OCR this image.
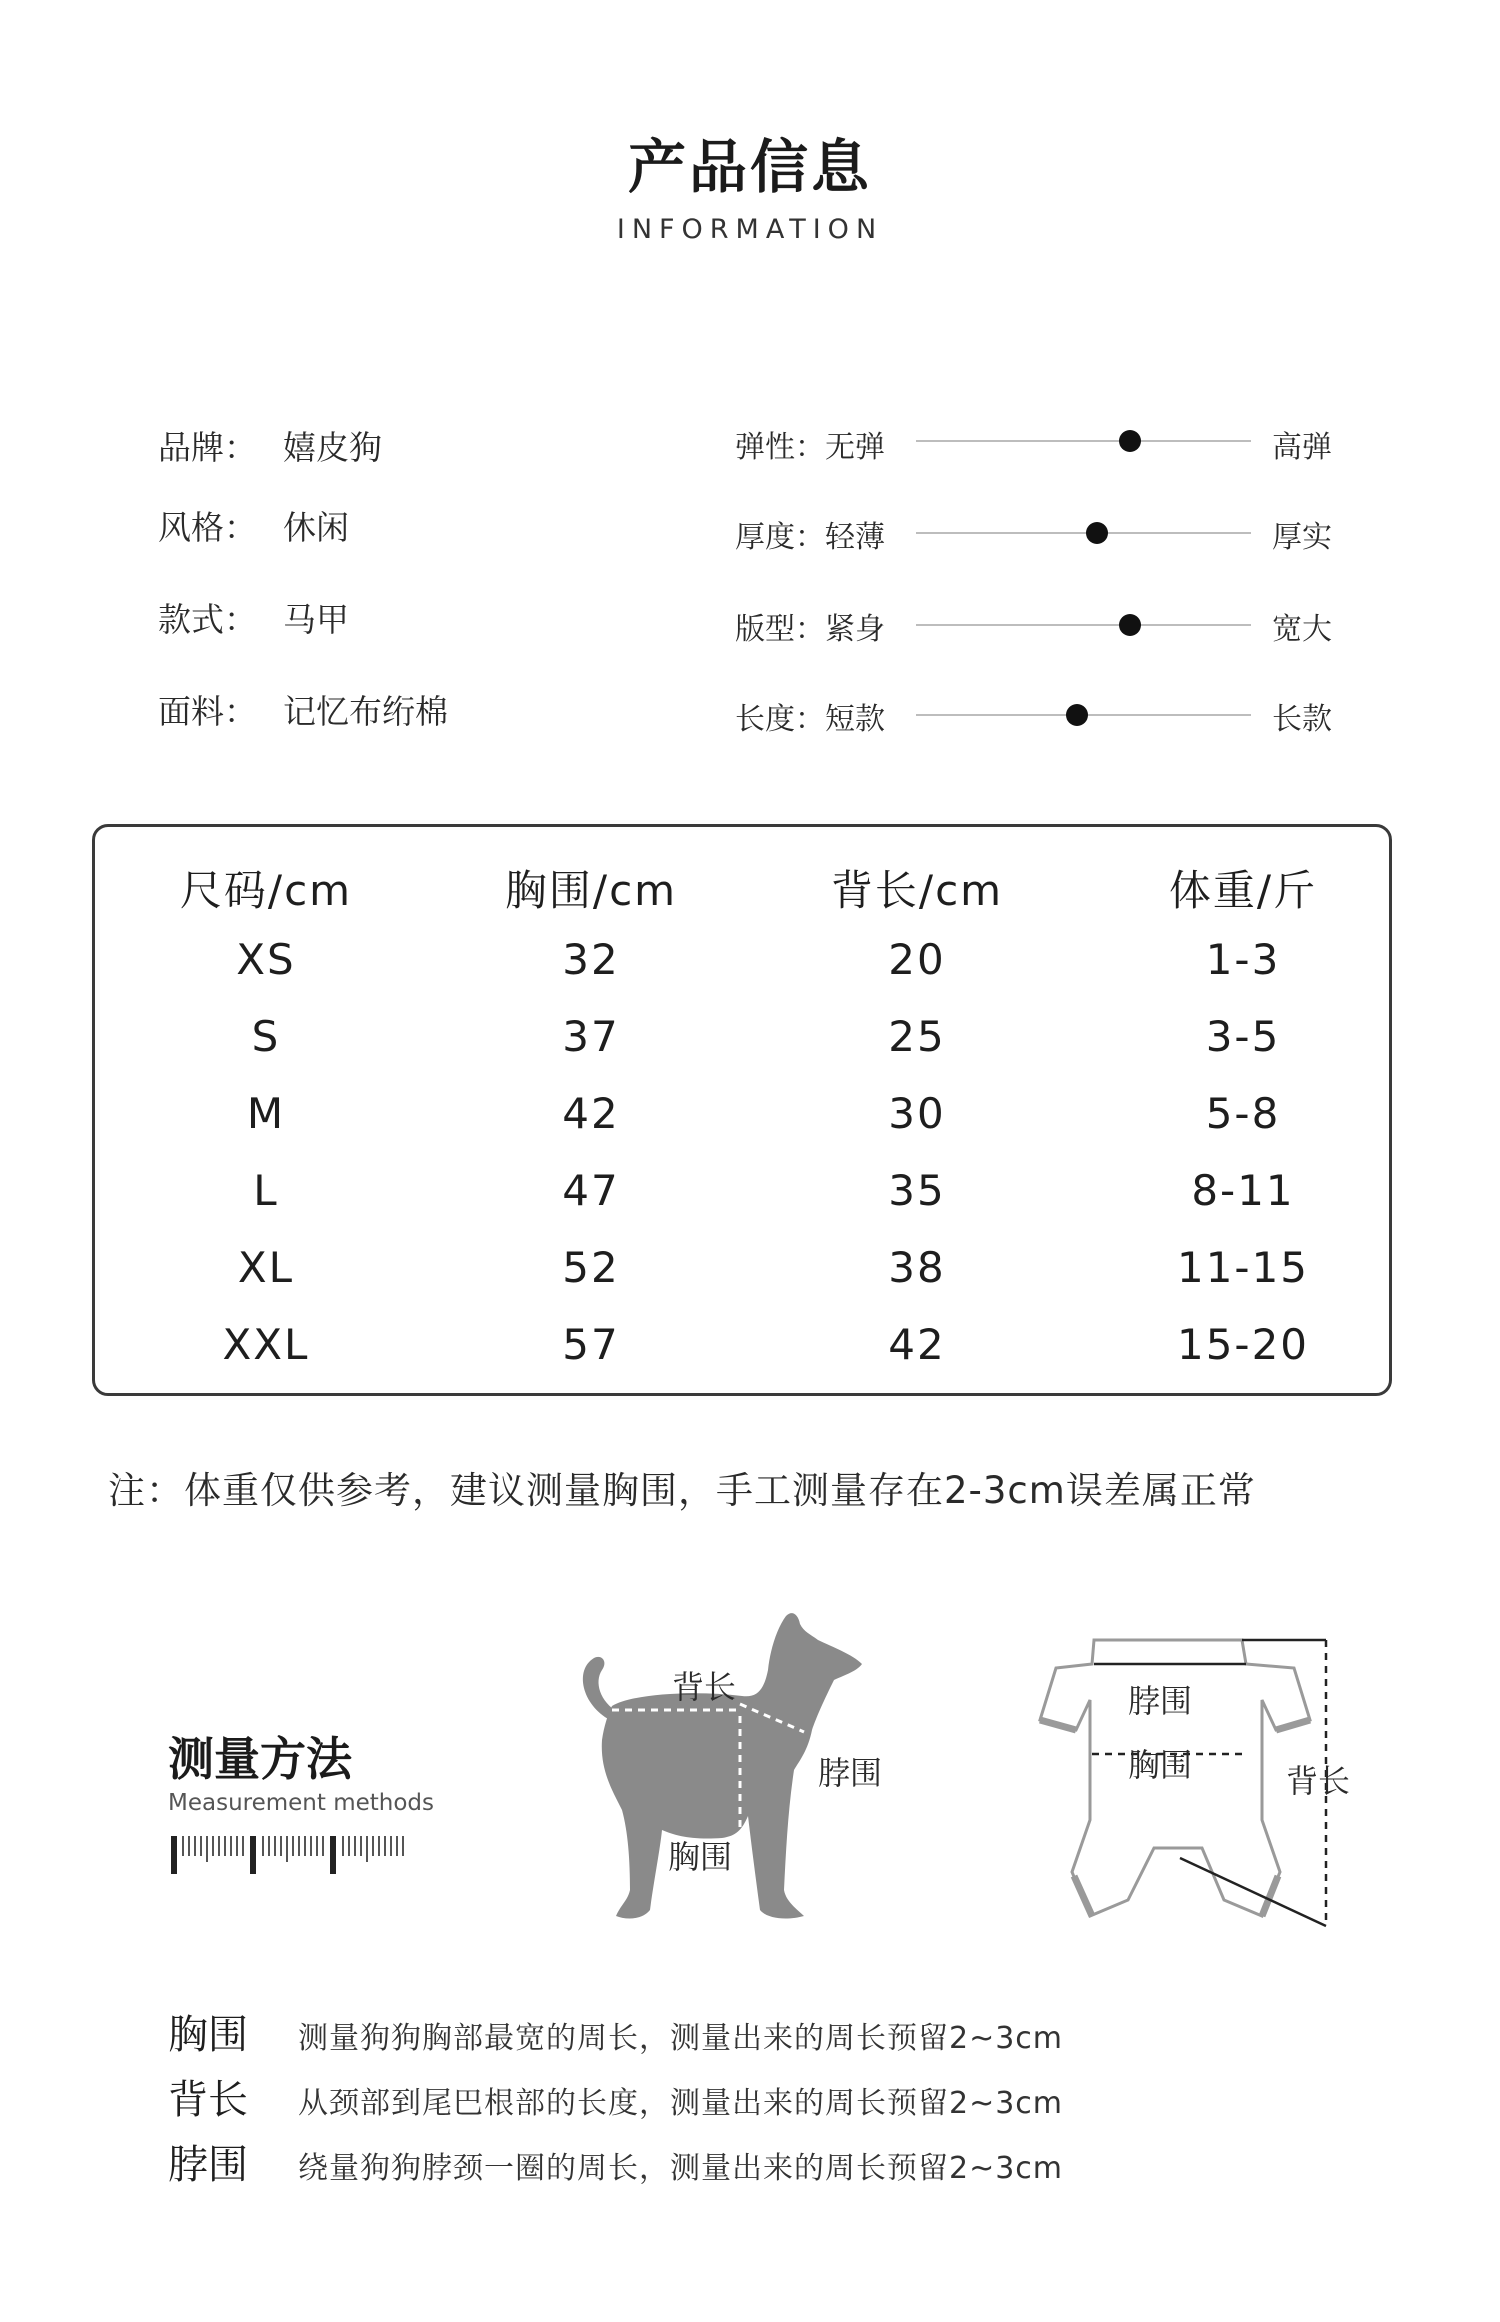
产品信息
INFORMATION
品牌： 嬉皮狗
风格： 休闲
款式： 马甲
面料： 记忆布绗棉
弹性：无弹	高弹
厚度：轻薄	厚实
版型：紧身	宽大
长度：短款	长款
尺码/cm	胸围/cm	背长/cm	体重/斤
XS	32	20	1-3
S	37	25	3-5
M	42	30	5-8
L	47	35	8-11
XL	52	38	11-15
XXL	57	42	15-20
注：体重仅供参考，建议测量胸围，手工测量存在2-3cm误差属正常
测量方法
Measurement methods
背长
脖围
胸围
脖围
胸围	背长
胸围 测量狗狗胸部最宽的周长，测量出来的周长预留2~3cm
背长 从颈部到尾巴根部的长度，测量出来的周长预留2~3cm
脖围 绕量狗狗脖颈一圈的周长，测量出来的周长预留2~3cm
